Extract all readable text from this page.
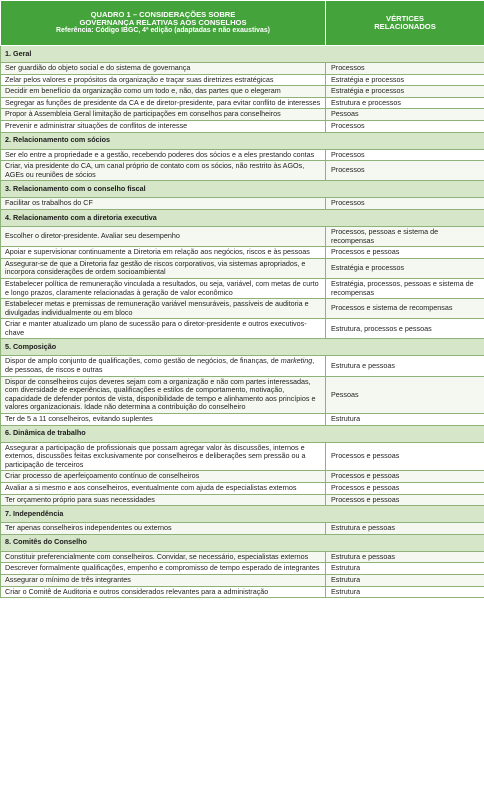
QUADRO 1 – CONSIDERAÇÕES SOBRE
GOVERNANÇA RELATIVAS AOS CONSELHOS
Referência: Código IBGC, 4ª edição (adaptadas e não exaustivas)	VÉRTICES
RELACIONADOS

1. Geral	
Ser guardião do objeto social e do sistema de governança	Processos
Zelar pelos valores e propósitos da organização e traçar suas diretrizes estratégicas	Estratégia e processos
Decidir em benefício da organização como um todo e, não, das partes que o elegeram	Estratégia e processos
Segregar as funções de presidente da CA e de diretor-presidente, para evitar conflito de interesses	Estrutura e processos
Propor à Assembleia Geral limitação de participações em conselhos para conselheiros	Pessoas
Prevenir e administrar situações de conflitos de interesse	Processos
2. Relacionamento com sócios	
Ser elo entre a propriedade e a gestão, recebendo poderes dos sócios e a eles prestando contas	Processos
Criar, via presidente do CA, um canal próprio de contato com os sócios, não restrito às AGOs, AGEs ou reuniões de sócios	Processos
3. Relacionamento com o conselho fiscal	
Facilitar os trabalhos do CF	Processos
4. Relacionamento com a diretoria executiva	
Escolher o diretor-presidente. Avaliar seu desempenho	Processos, pessoas e sistema de recompensas
Apoiar e supervisionar continuamente a Diretoria em relação aos negócios, riscos e às pessoas	Processos e pessoas
Assegurar-se de que a Diretoria faz gestão de riscos corporativos, via sistemas apropriados, e incorpora considerações de ordem socioambiental	Estratégia e processos
Estabelecer política de remuneração vinculada a resultados, ou seja, variável, com metas de curto e longo prazos, claramente relacionadas à geração de valor econômico	Estratégia, processos, pessoas e sistema de recompensas
Estabelecer metas e premissas de remuneração variável mensuráveis, passíveis de auditoria e divulgadas individualmente ou em bloco	Processos e sistema de recompensas
Criar e manter atualizado um plano de sucessão para o diretor-presidente e outros executivos-chave	Estrutura, processos e pessoas
5. Composição	
Dispor de amplo conjunto de qualificações, como gestão de negócios, de finanças, de marketing, de pessoas, de riscos e outras	Estrutura e pessoas
Dispor de conselheiros cujos deveres sejam com a organização e não com partes interessadas, com diversidade de experiências, qualificações e estilos de comportamento, motivação, capacidade de defender pontos de vista, disponibilidade de tempo e alinhamento aos princípios e valores organizacionais. Idade não determina a contribuição do conselheiro	Pessoas
Ter de 5 a 11 conselheiros, evitando suplentes	Estrutura
6. Dinâmica de trabalho	
Assegurar a participação de profissionais que possam agregar valor às discussões, internos e externos, discussões feitas exclusivamente por conselheiros e deliberações sem pressão ou a participação de terceiros	Processos e pessoas
Criar processo de aperfeiçoamento contínuo de conselheiros	Processos e pessoas
Avaliar a si mesmo e aos conselheiros, eventualmente com ajuda de especialistas externos	Processos e pessoas
Ter orçamento próprio para suas necessidades	Processos e pessoas
7. Independência	
Ter apenas conselheiros independentes ou externos	Estrutura e pessoas
8. Comitês do Conselho	
Constituir preferencialmente com conselheiros. Convidar, se necessário, especialistas externos	Estrutura e pessoas
Descrever formalmente qualificações, empenho e compromisso de tempo esperado de integrantes	Estrutura
Assegurar o mínimo de três integrantes	Estrutura
Criar o Comitê de Auditoria e outros considerados relevantes para a administração	Estrutura
